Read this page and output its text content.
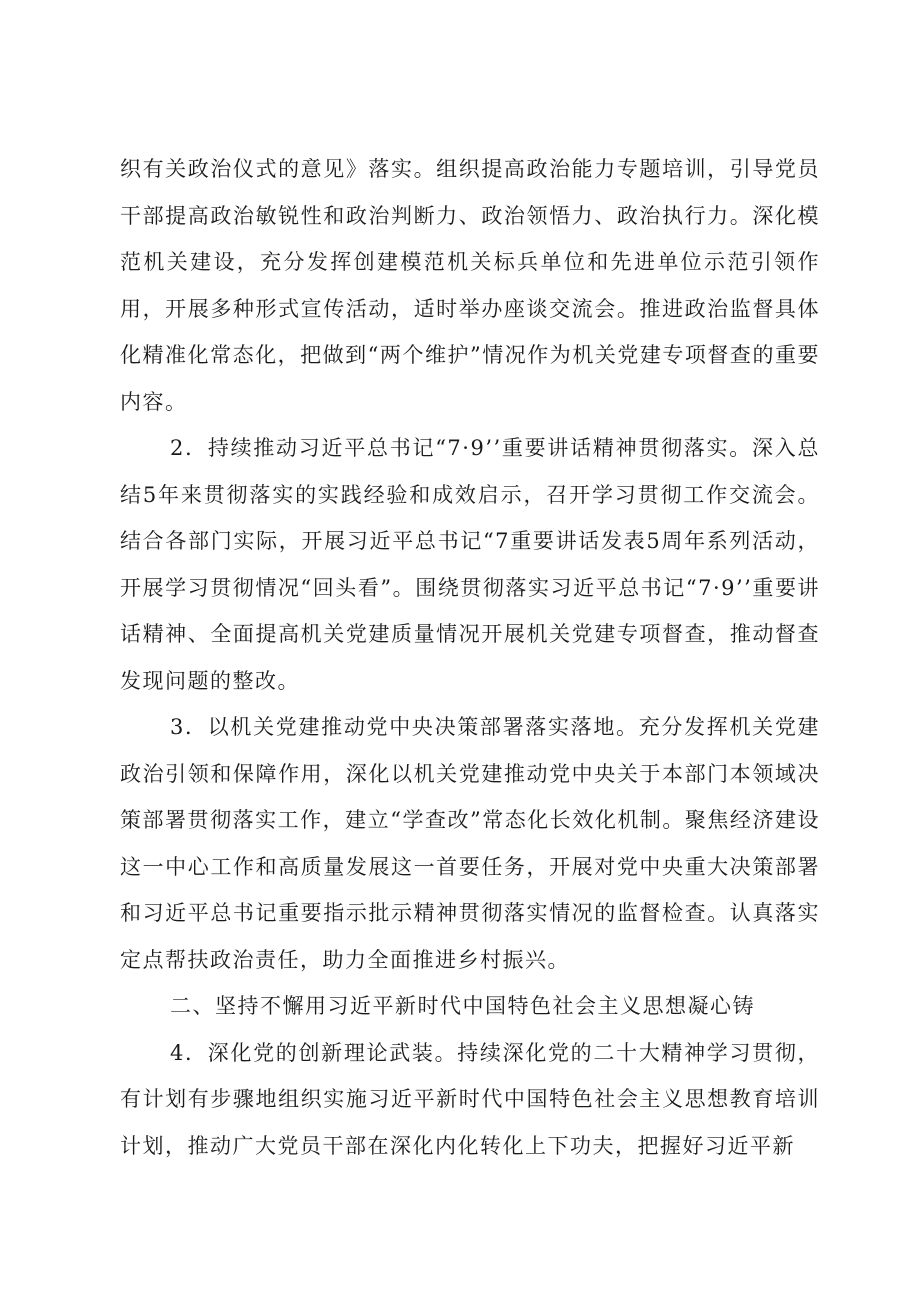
织有关政治仪式的意见》落实。组织提高政治能力专题培训，引导党员干部提高政治敏锐性和政治判断力、政治领悟力、政治执行力。深化模范机关建设，充分发挥创建模范机关标兵单位和先进单位示范引领作用，开展多种形式宣传活动，适时举办座谈交流会。推进政治监督具体化精准化常态化，把做到“两个维护”情况作为机关党建专项督查的重要内容。

2．持续推动习近平总书记“7·9’’重要讲话精神贯彻落实。深入总结5年来贯彻落实的实践经验和成效启示，召开学习贯彻工作交流会。结合各部门实际，开展习近平总书记“7重要讲话发表5周年系列活动，开展学习贯彻情况“回头看”。围绕贯彻落实习近平总书记“7·9’’重要讲话精神、全面提高机关党建质量情况开展机关党建专项督查，推动督查发现问题的整改。

3．以机关党建推动党中央决策部署落实落地。充分发挥机关党建政治引领和保障作用，深化以机关党建推动党中央关于本部门本领域决策部署贯彻落实工作，建立“学查改”常态化长效化机制。聚焦经济建设这一中心工作和高质量发展这一首要任务，开展对党中央重大决策部署和习近平总书记重要指示批示精神贯彻落实情况的监督检查。认真落实定点帮扶政治责任，助力全面推进乡村振兴。

二、坚持不懈用习近平新时代中国特色社会主义思想凝心铸

4．深化党的创新理论武装。持续深化党的二十大精神学习贯彻，有计划有步骤地组织实施习近平新时代中国特色社会主义思想教育培训计划，推动广大党员干部在深化内化转化上下功夫，把握好习近平新
